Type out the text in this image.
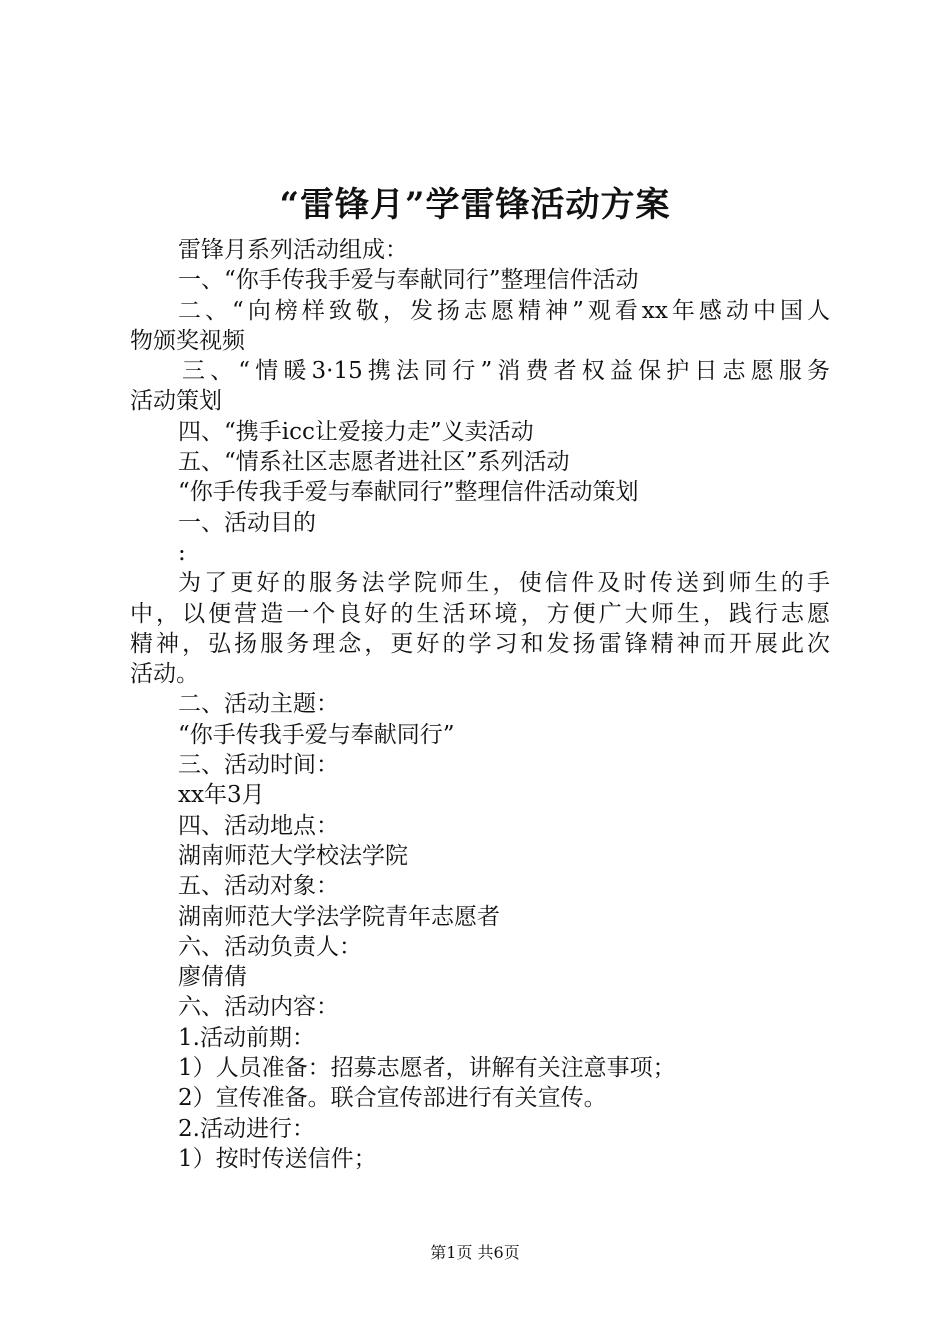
“雷锋月”学雷锋活动方案
雷锋月系列活动组成：
一、“你手传我手爱与奉献同行”整理信件活动
二、“向榜样致敬，发扬志愿精神”观看xx年感动中国人
物颁奖视频
三、“情暖3·15携法同行”消费者权益保护日志愿服务
活动策划
四、“携手icc让爱接力走”义卖活动
五、“情系社区志愿者进社区”系列活动
“你手传我手爱与奉献同行”整理信件活动策划
一、活动目的
:
为了更好的服务法学院师生，使信件及时传送到师生的手
中，以便营造一个良好的生活环境，方便广大师生，践行志愿
精神，弘扬服务理念，更好的学习和发扬雷锋精神而开展此次
活动。
二、活动主题：
“你手传我手爱与奉献同行”
三、活动时间：
xx年3月
四、活动地点：
湖南师范大学校法学院
五、活动对象：
湖南师范大学法学院青年志愿者
六、活动负责人：
廖倩倩
六、活动内容：
1.活动前期：
1）人员准备：招募志愿者，讲解有关注意事项；
2）宣传准备。联合宣传部进行有关宣传。
2.活动进行：
1）按时传送信件；
第1页 共6页
